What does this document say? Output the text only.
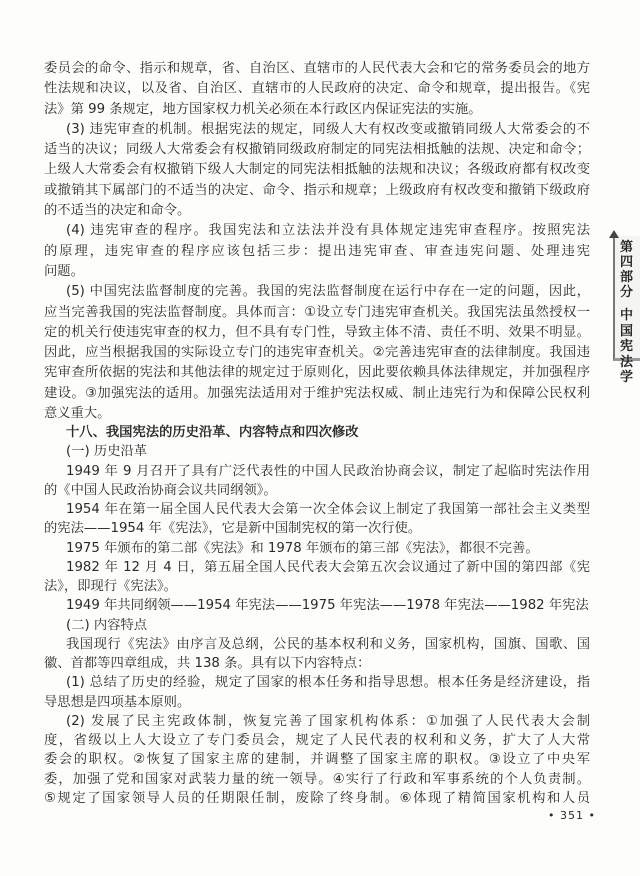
委员会的命令、指示和规章，省、自治区、直辖市的人民代表大会和它的常务委员会的地方
性法规和决议，以及省、自治区、直辖市的人民政府的决定、命令和规章，提出报告。《宪
法》第 99 条规定，地方国家权力机关必须在本行政区内保证宪法的实施。
(3) 违宪审查的机制。根据宪法的规定，同级人大有权改变或撤销同级人大常委会的不
适当的决议；同级人大常委会有权撤销同级政府制定的同宪法相抵触的法规、决定和命令；
上级人大常委会有权撤销下级人大制定的同宪法相抵触的法规和决议；各级政府都有权改变
或撤销其下属部门的不适当的决定、命令、指示和规章；上级政府有权改变和撤销下级政府
的不适当的决定和命令。
(4) 违宪审查的程序。我国宪法和立法法并没有具体规定违宪审查程序。按照宪法
的原理，违宪审查的程序应该包括三步：提出违宪审查、审查违宪问题、处理违宪
问题。
(5) 中国宪法监督制度的完善。我国的宪法监督制度在运行中存在一定的问题，因此，
应当完善我国的宪法监督制度。具体而言：①设立专门违宪审查机关。我国宪法虽然授权一
定的机关行使违宪审查的权力，但不具有专门性，导致主体不清、责任不明、效果不明显。
因此，应当根据我国的实际设立专门的违宪审查机关。②完善违宪审查的法律制度。我国违
宪审查所依据的宪法和其他法律的规定过于原则化，因此要依赖具体法律规定，并加强程序
建设。③加强宪法的适用。加强宪法适用对于维护宪法权威、制止违宪行为和保障公民权利
意义重大。
十八、我国宪法的历史沿革、内容特点和四次修改
(一) 历史沿革
1949 年 9 月召开了具有广泛代表性的中国人民政治协商会议，制定了起临时宪法作用
的《中国人民政治协商会议共同纲领》。
1954 年在第一届全国人民代表大会第一次全体会议上制定了我国第一部社会主义类型
的宪法——1954 年《宪法》，它是新中国制宪权的第一次行使。
1975 年颁布的第二部《宪法》和 1978 年颁布的第三部《宪法》，都很不完善。
1982 年 12 月 4 日，第五届全国人民代表大会第五次会议通过了新中国的第四部《宪
法》，即现行《宪法》。
1949 年共同纲领——1954 年宪法——1975 年宪法——1978 年宪法——1982 年宪法
(二) 内容特点
我国现行《宪法》由序言及总纲，公民的基本权利和义务，国家机构，国旗、国歌、国
徽、首都等四章组成，共 138 条。具有以下内容特点：
(1) 总结了历史的经验，规定了国家的根本任务和指导思想。根本任务是经济建设，指
导思想是四项基本原则。
(2) 发展了民主宪政体制，恢复完善了国家机构体系：①加强了人民代表大会制
度，省级以上人大设立了专门委员会，规定了人民代表的权利和义务，扩大了人大常
委会的职权。②恢复了国家主席的建制，并调整了国家主席的职权。③设立了中央军
委，加强了党和国家对武装力量的统一领导。④实行了行政和军事系统的个人负责制。
⑤规定了国家领导人员的任期限任制，废除了终身制。⑥体现了精简国家机构和人员
• 351 •
第四部分
中国宪法学
